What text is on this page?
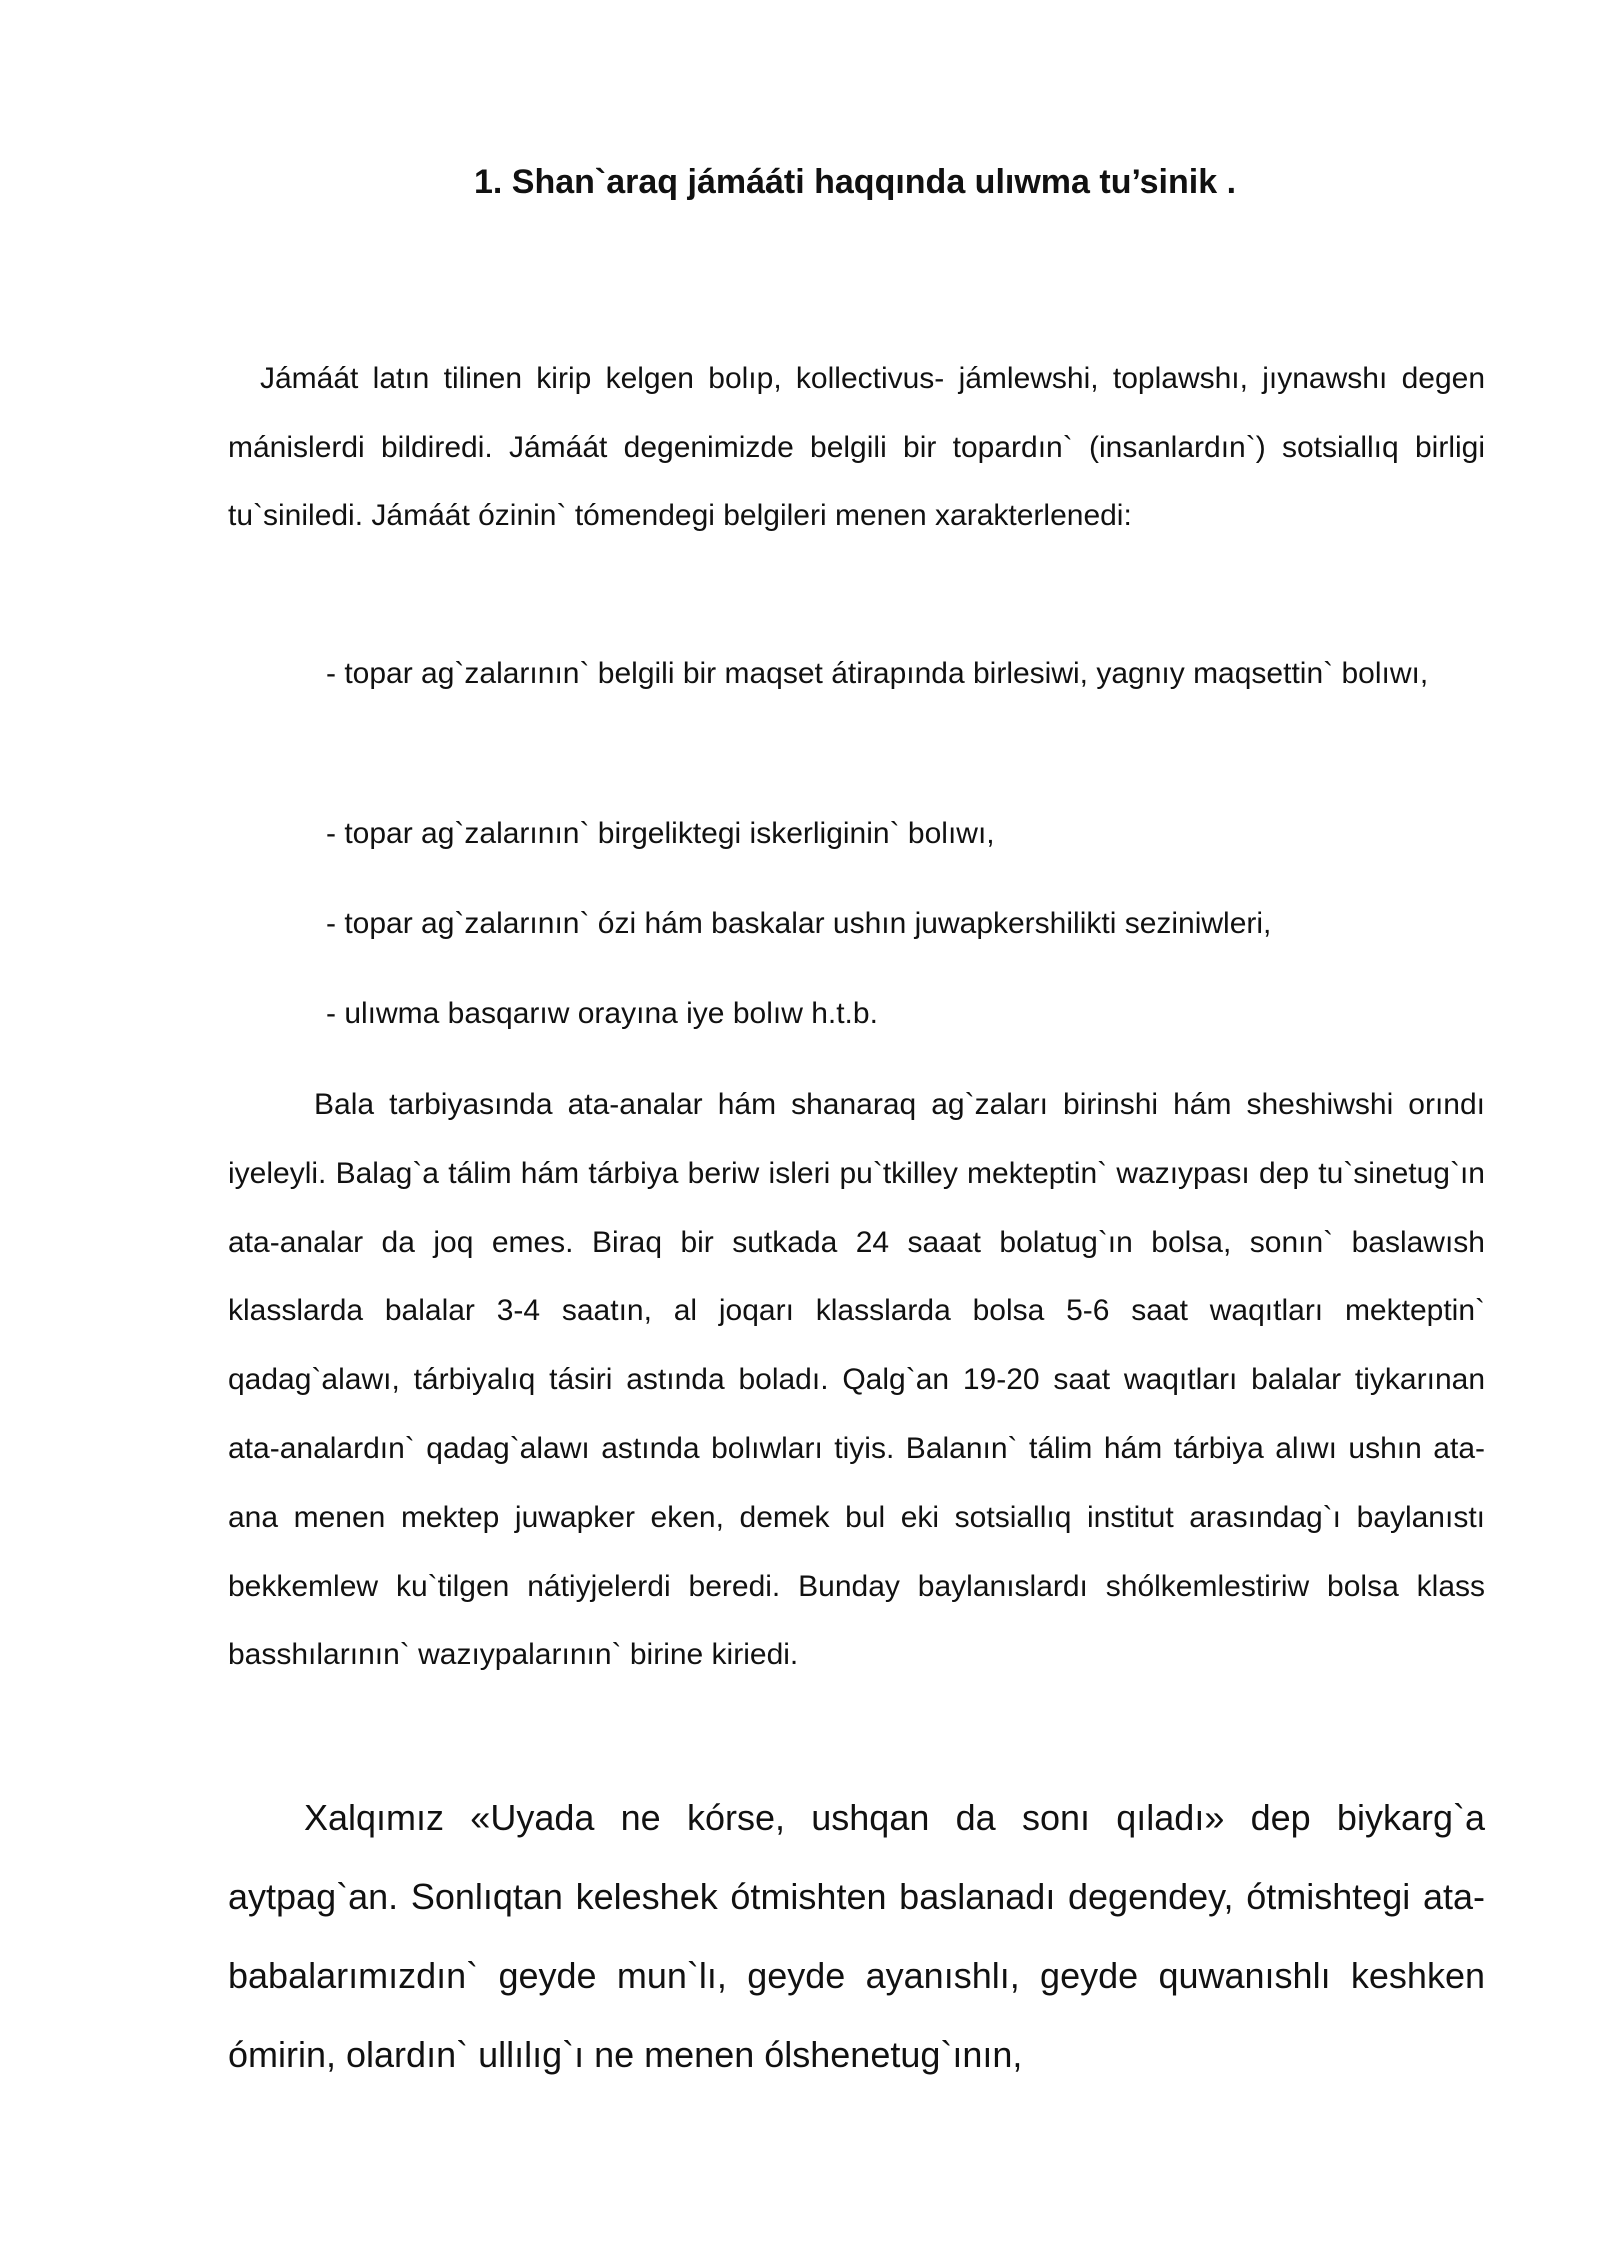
1. Shan`araq jámááti haqqında ulıwma tu’sinik .

Jámáát latın tilinen kirip kelgen bolıp, kollectivus- jámlewshi, toplawshı, jıynawshı degen mánislerdi bildiredi. Jámáát degenimizde belgili bir topardın` (insanlardın`) sotsiallıq birligi tu`siniledi. Jámáát ózinin` tómendegi belgileri menen xarakterlenedi:

- topar ag`zalarının` belgili bir maqset átirapında birlesiwi, yagnıy maqsettin` bolıwı,

- topar ag`zalarının` birgeliktegi iskerliginin` bolıwı,

- topar ag`zalarının` ózi hám baskalar ushın juwapkershilikti seziniwleri,

- ulıwma basqarıw orayına iye bolıw h.t.b.

Bala tarbiyasında ata-analar hám shanaraq ag`zaları birinshi hám sheshiwshi orındı iyeleyli. Balag`a tálim hám tárbiya beriw isleri pu`tkilley mekteptin` wazıypası dep tu`sinetug`ın ata-analar da joq emes. Biraq bir sutkada 24 saaat bolatug`ın bolsa, sonın` baslawısh klasslarda balalar 3-4 saatın, al joqarı klasslarda bolsa 5-6 saat waqıtları mekteptin` qadag`alawı, tárbiyalıq tásiri astında boladı. Qalg`an 19-20 saat waqıtları balalar tiykarınan ata-analardın` qadag`alawı astında bolıwları tiyis. Balanın` tálim hám tárbiya alıwı ushın ata-ana menen mektep juwapker eken, demek bul eki sotsiallıq institut arasındag`ı baylanıstı bekkemlew ku`tilgen nátiyjelerdi beredi. Bunday baylanıslardı shólkemlestiriw bolsa klass basshılarının` wazıypalarının` birine kiriedi.

Xalqımız «Uyada ne kórse, ushqan da sonı qıladı» dep biykarg`a aytpag`an. Sonlıqtan keleshek ótmishten baslanadı degendey, ótmishtegi ata-babalarımızdın` geyde mun`lı, geyde ayanıshlı, geyde quwanıshlı keshken ómirin, olardın` ullılıg`ı ne menen ólshenetug`ının,
